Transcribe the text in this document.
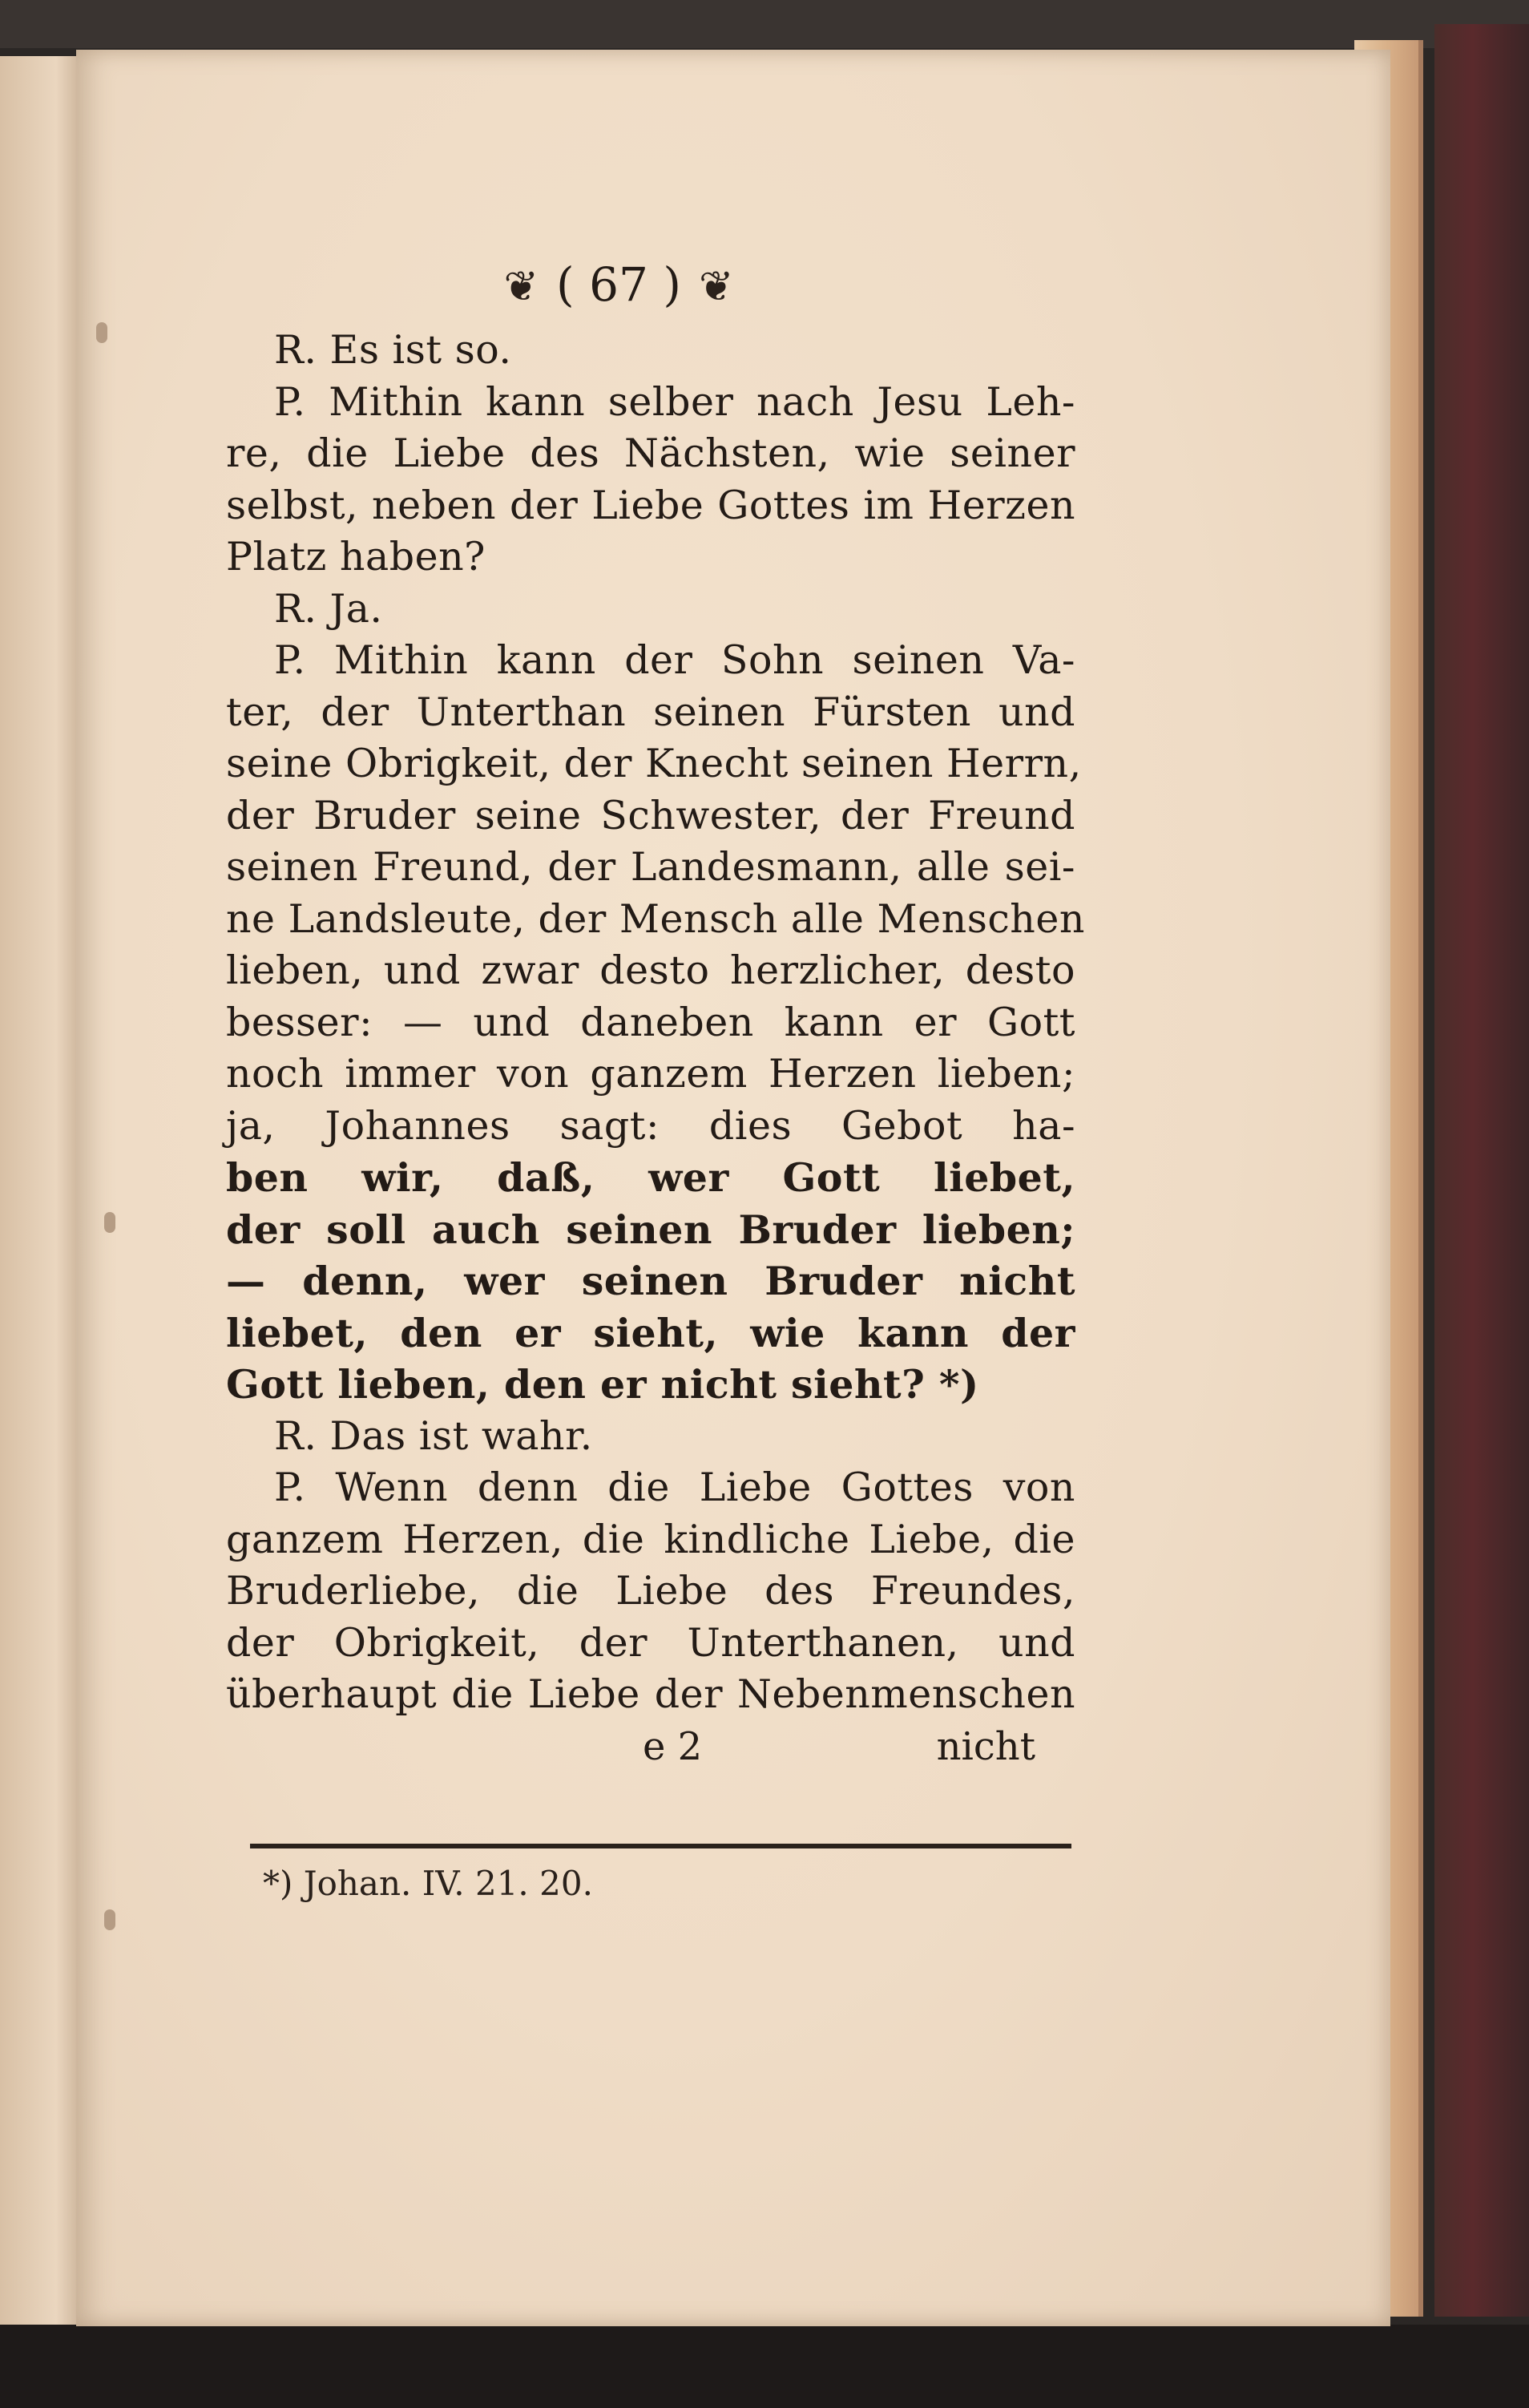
❦ ( 67 ) ❦
R. Es ist so.
P. Mithin kann selber nach Jesu Leh-
re, die Liebe des Nächsten, wie seiner
selbst, neben der Liebe Gottes im Herzen
Platz haben?
R. Ja.
P. Mithin kann der Sohn seinen Va-
ter, der Unterthan seinen Fürsten und
seine Obrigkeit, der Knecht seinen Herrn,
der Bruder seine Schwester, der Freund
seinen Freund, der Landesmann, alle sei-
ne Landsleute, der Mensch alle Menschen
lieben, und zwar desto herzlicher, desto
besser: — und daneben kann er Gott
noch immer von ganzem Herzen lieben;
ja, Johannes sagt: dies Gebot ha-
ben wir, daß, wer Gott liebet,
der soll auch seinen Bruder lieben;
— denn, wer seinen Bruder nicht
liebet, den er sieht, wie kann der
Gott lieben, den er nicht sieht? *)
R. Das ist wahr.
P. Wenn denn die Liebe Gottes von
ganzem Herzen, die kindliche Liebe, die
Bruderliebe, die Liebe des Freundes,
der Obrigkeit, der Unterthanen, und
überhaupt die Liebe der Nebenmenschen
e 2	nicht
*) Johan. IV. 21. 20.
